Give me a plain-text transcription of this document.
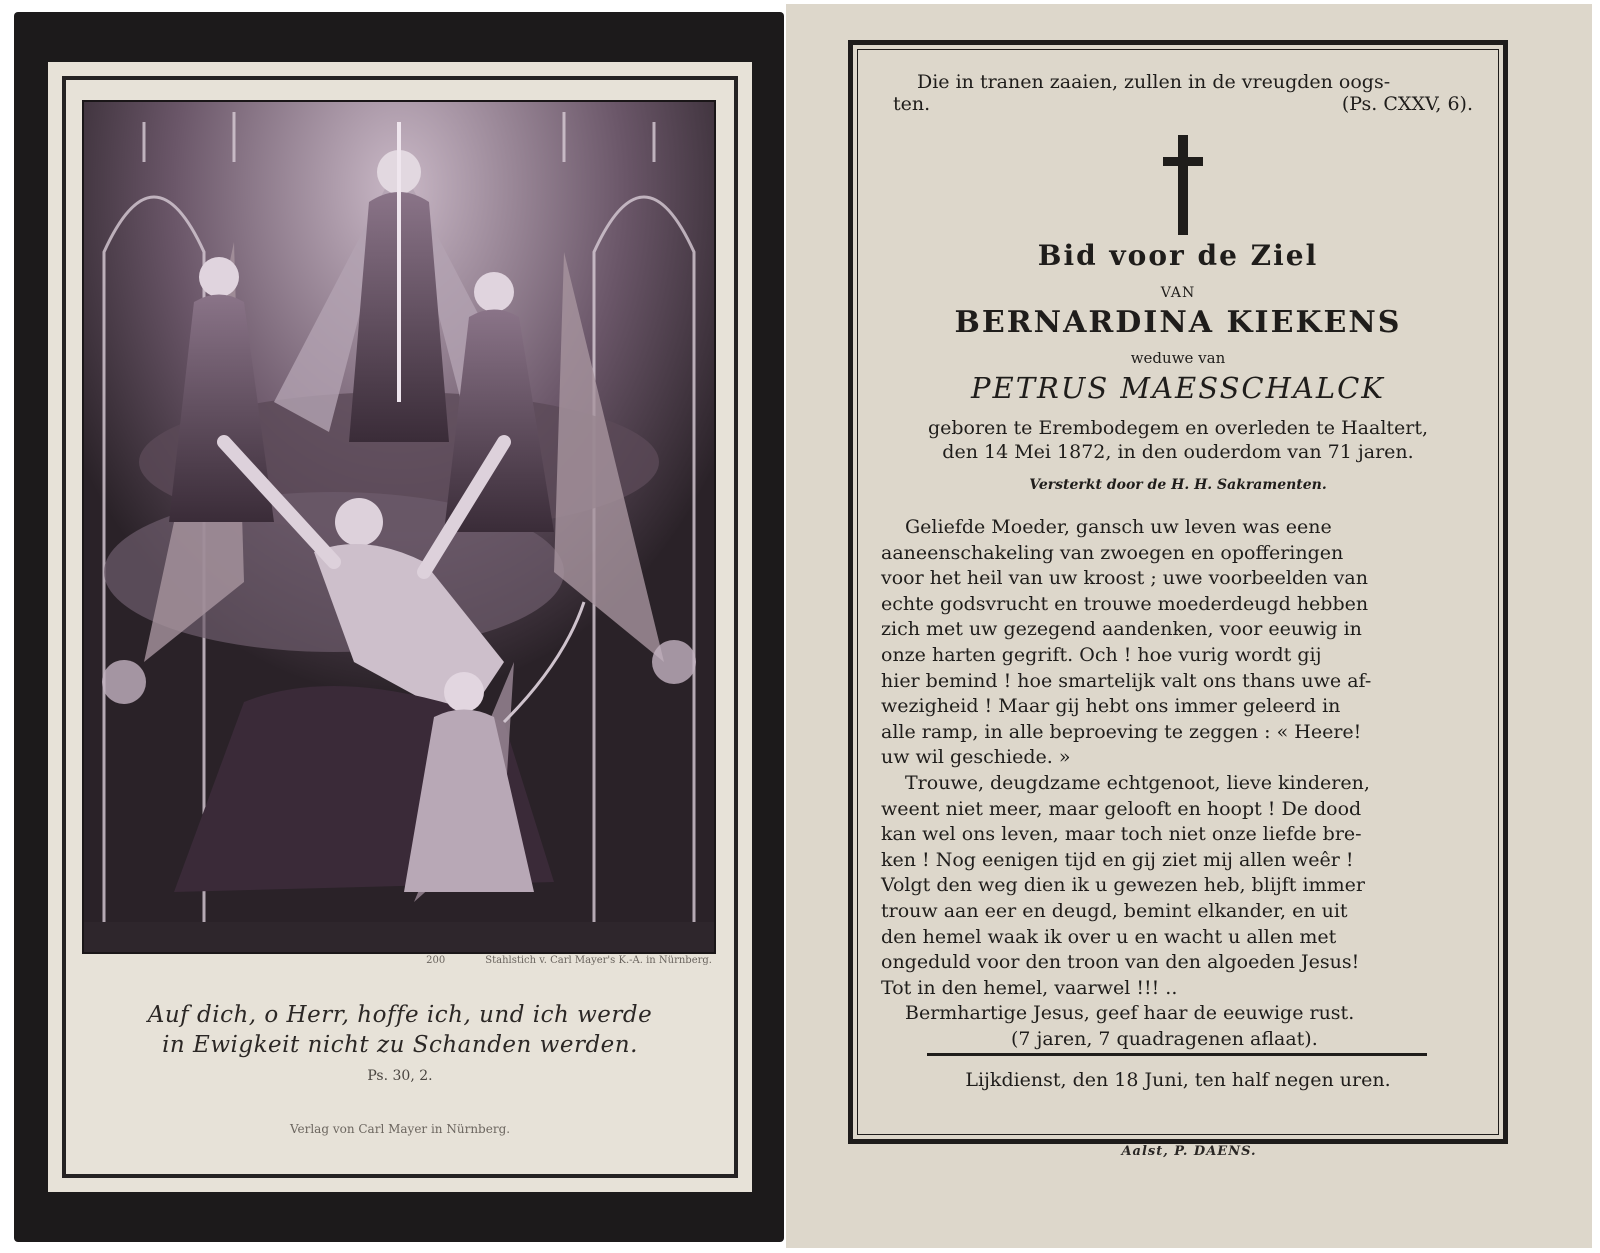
200	Stahlstich v. Carl Mayer's K.-A. in Nürnberg.
Auf dich, o Herr, hoffe ich, und ich werde
in Ewigkeit nicht zu Schanden werden.
Ps. 30, 2.
Verlag von Carl Mayer in Nürnberg.
Die in tranen zaaien, zullen in de vreugden oogs-
ten.	(Ps. CXXV, 6).
Bid voor de Ziel
VAN
BERNARDINA KIEKENS
weduwe van
PETRUS MAESSCHALCK
geboren te Erembodegem en overleden te Haaltert,
den 14 Mei 1872, in den ouderdom van 71 jaren.
Versterkt door de H. H. Sakramenten.
Geliefde Moeder, gansch uw leven was eene
aaneenschakeling van zwoegen en opofferingen
voor het heil van uw kroost ; uwe voorbeelden van
echte godsvrucht en trouwe moederdeugd hebben
zich met uw gezegend aandenken, voor eeuwig in
onze harten gegrift. Och ! hoe vurig wordt gij
hier bemind ! hoe smartelijk valt ons thans uwe af-
wezigheid ! Maar gij hebt ons immer geleerd in
alle ramp, in alle beproeving te zeggen : « Heere!
uw wil geschiede. »
Trouwe, deugdzame echtgenoot, lieve kinderen,
weent niet meer, maar gelooft en hoopt ! De dood
kan wel ons leven, maar toch niet onze liefde bre-
ken ! Nog eenigen tijd en gij ziet mij allen weêr !
Volgt den weg dien ik u gewezen heb, blijft immer
trouw aan eer en deugd, bemint elkander, en uit
den hemel waak ik over u en wacht u allen met
ongeduld voor den troon van den algoeden Jesus!
Tot in den hemel, vaarwel !!! ..
Bermhartige Jesus, geef haar de eeuwige rust.
(7 jaren, 7 quadragenen aflaat).
Lijkdienst, den 18 Juni, ten half negen uren.
Aalst, P. DAENS.
